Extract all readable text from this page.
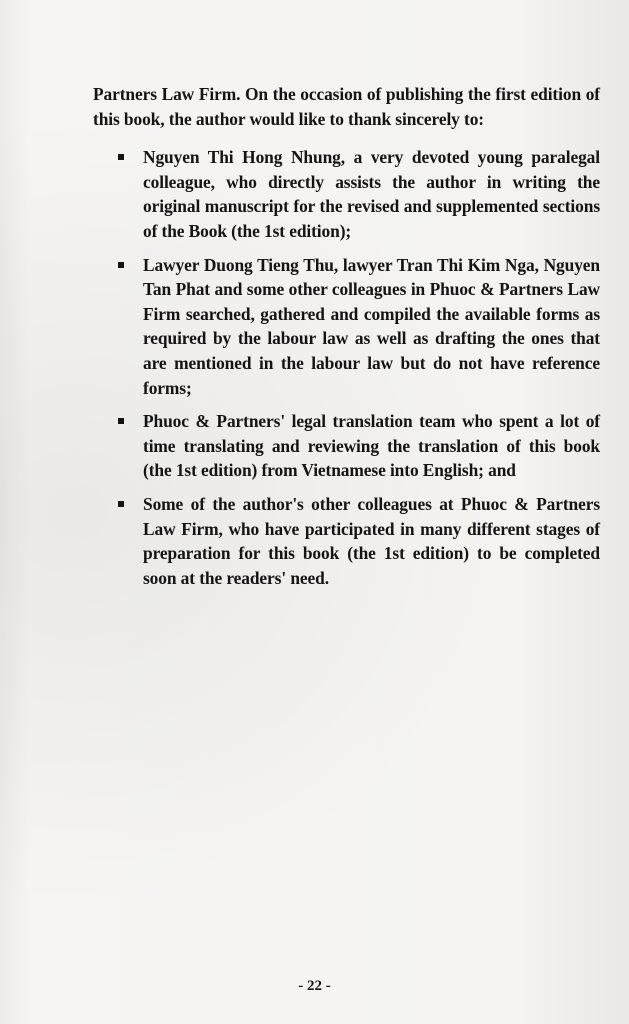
Partners Law Firm. On the occasion of publishing the first edition of this book, the author would like to thank sincerely to:

Nguyen Thi Hong Nhung, a very devoted young paralegal colleague, who directly assists the author in writing the original manuscript for the revised and supplemented sections of the Book (the 1st edition);
Lawyer Duong Tieng Thu, lawyer Tran Thi Kim Nga, Nguyen Tan Phat and some other colleagues in Phuoc & Partners Law Firm searched, gathered and compiled the available forms as required by the labour law as well as drafting the ones that are mentioned in the labour law but do not have reference forms;
Phuoc & Partners' legal translation team who spent a lot of time translating and reviewing the translation of this book (the 1st edition) from Vietnamese into English; and
Some of the author's other colleagues at Phuoc & Partners Law Firm, who have participated in many different stages of preparation for this book (the 1st edition) to be completed soon at the readers' need.
- 22 -
